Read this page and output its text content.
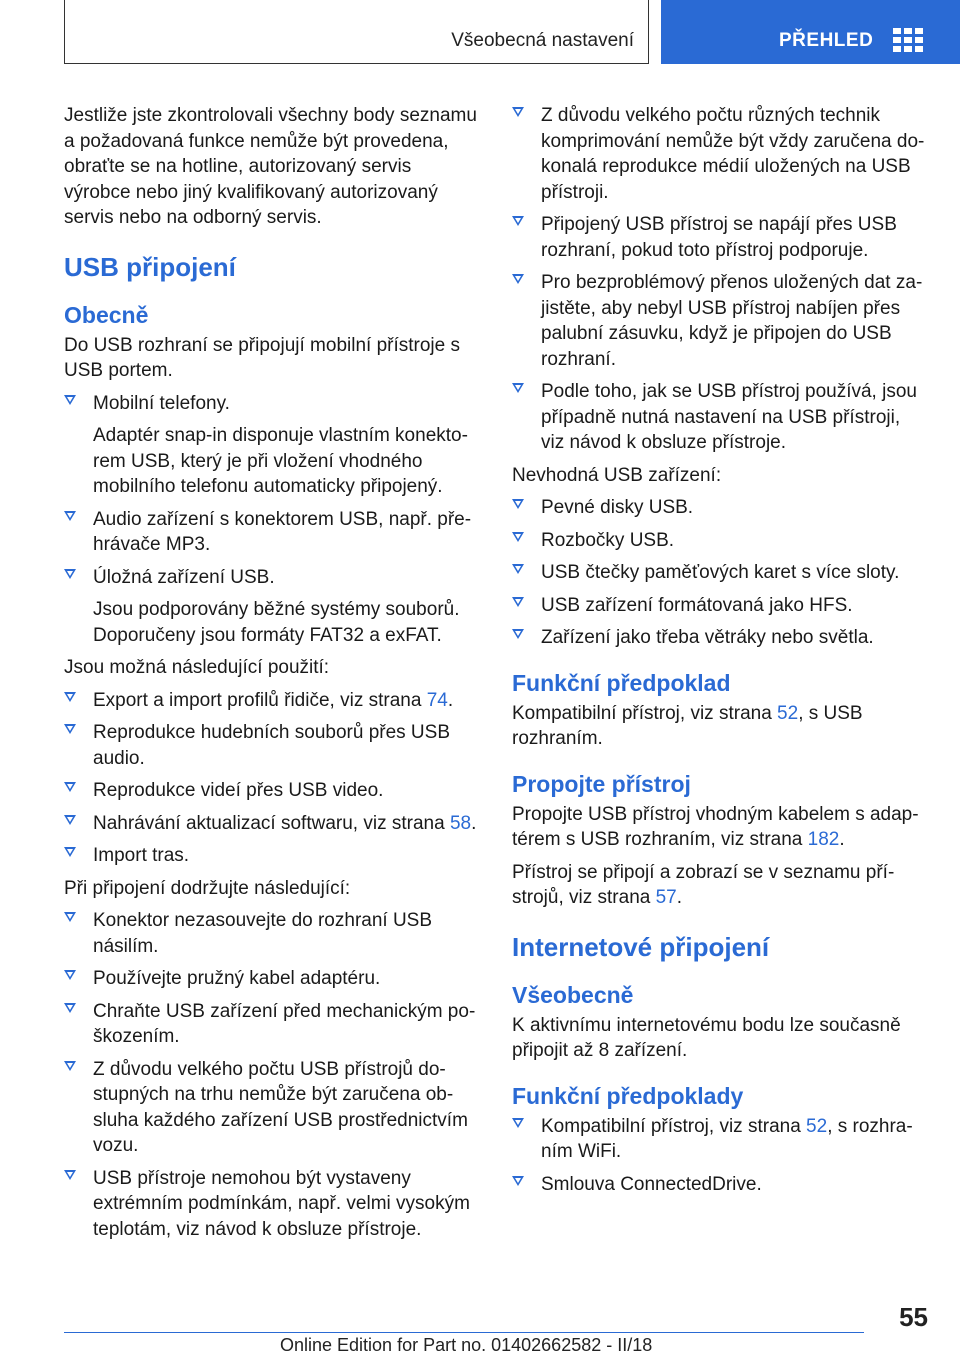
Všeobecná nastavení	PŘEHLED

Jestliže jste zkontrolovali všechny body seznamu a požadovaná funkce nemůže být provedena, obraťte se na hotline, autorizovaný servis výrobce nebo jiný kvalifikovaný autorizovaný servis nebo na odborný servis.

USB připojení
Obecně

Do USB rozhraní se připojují mobilní přístroje s USB portem.

Mobilní telefony.
Adaptér snap-in disponuje vlastním konektorem USB, který je při vložení vhodného mobilního telefonu automaticky připojený.
Audio zařízení s konektorem USB, např. přehrávače MP3.
Úložná zařízení USB.
Jsou podporovány běžné systémy souborů. Doporučeny jsou formáty FAT32 a exFAT.

Jsou možná následující použití:

Export a import profilů řidiče, viz strana 74.
Reprodukce hudebních souborů přes USB audio.
Reprodukce videí přes USB video.
Nahrávání aktualizací softwaru, viz strana 58.
Import tras.

Při připojení dodržujte následující:

Konektor nezasouvejte do rozhraní USB násilím.
Používejte pružný kabel adaptéru.
Chraňte USB zařízení před mechanickým poškozením.
Z důvodu velkého počtu USB přístrojů dostupných na trhu nemůže být zaručena obsluha každého zařízení USB prostřednictvím vozu.
USB přístroje nemohou být vystaveny extrémním podmínkám, např. velmi vysokým teplotám, viz návod k obsluze přístroje.
Z důvodu velkého počtu různých technik komprimování nemůže být vždy zaručena dokonalá reprodukce médií uložených na USB přístroji.
Připojený USB přístroj se napájí přes USB rozhraní, pokud toto přístroj podporuje.
Pro bezproblémový přenos uložených dat zajistěte, aby nebyl USB přístroj nabíjen přes palubní zásuvku, když je připojen do USB rozhraní.
Podle toho, jak se USB přístroj používá, jsou případně nutná nastavení na USB přístroji, viz návod k obsluze přístroje.

Nevhodná USB zařízení:

Pevné disky USB.
Rozbočky USB.
USB čtečky paměťových karet s více sloty.
USB zařízení formátovaná jako HFS.
Zařízení jako třeba větráky nebo světla.
Funkční předpoklad

Kompatibilní přístroj, viz strana 52, s USB rozhraním.

Propojte přístroj

Propojte USB přístroj vhodným kabelem s adaptérem s USB rozhraním, viz strana 182.

Přístroj se připojí a zobrazí se v seznamu přístrojů, viz strana 57.

Internetové připojení
Všeobecně

K aktivnímu internetovému bodu lze současně připojit až 8 zařízení.

Funkční předpoklady
Kompatibilní přístroj, viz strana 52, s rozhraním WiFi.
Smlouva ConnectedDrive.
55
Online Edition for Part no. 01402662582 - II/18
